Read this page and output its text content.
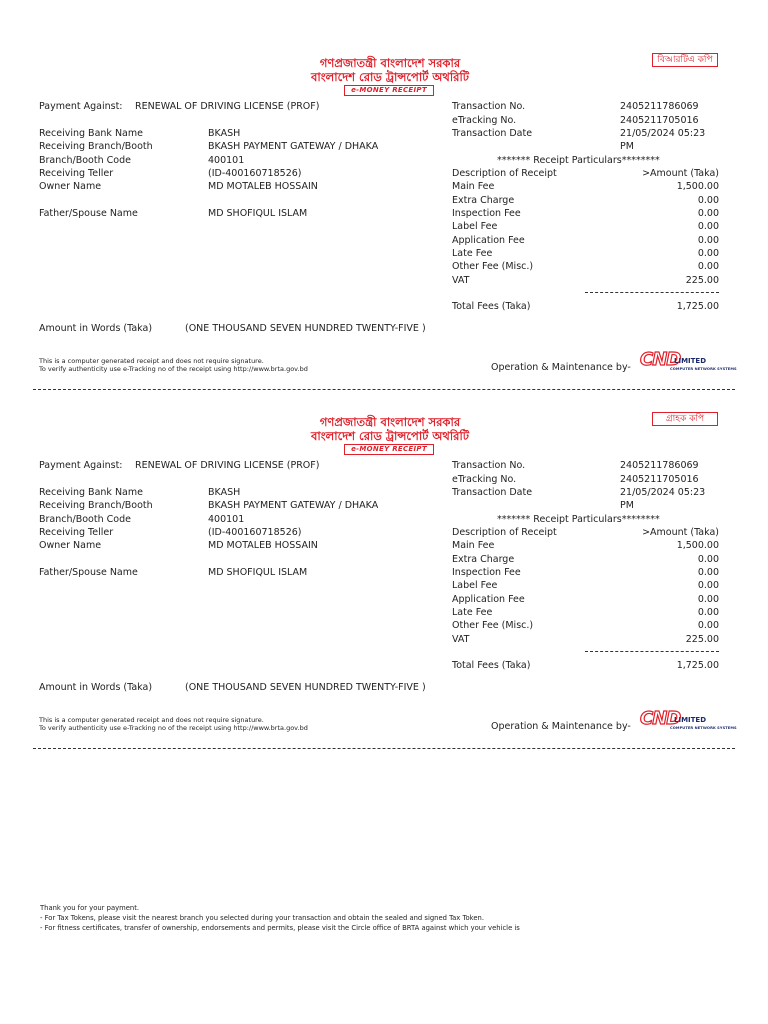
গণপ্রজাতন্ত্রী বাংলাদেশ সরকার
বাংলাদেশ রোড ট্রান্সপোর্ট অথরিটি
e-MONEY RECEIPT
বিআরটিএ কপি
Payment Against: RENEWAL OF DRIVING LICENSE (PROF)
Receiving Bank Name	BKASH
Receiving Branch/Booth	BKASH PAYMENT GATEWAY / DHAKA
Branch/Booth Code	400101
Receiving Teller	(ID-400160718526)
Owner Name	MD MOTALEB HOSSAIN
Father/Spouse Name	MD SHOFIQUL ISLAM
Transaction No.	2405211786069
eTracking No.	2405211705016
Transaction Date	21/05/2024 05:23
PM
******* Receipt Particulars********
Description of Receipt	>Amount (Taka)
Main Fee	1,500.00
Extra Charge	0.00
Inspection Fee	0.00
Label Fee	0.00
Application Fee	0.00
Late Fee	0.00
Other Fee (Misc.)	0.00
VAT	225.00
Total Fees (Taka)	1,725.00
Amount in Words (Taka)	(ONE THOUSAND SEVEN HUNDRED TWENTY-FIVE )
This is a computer generated receipt and does not require signature.
To verify authenticity use e-Tracking no of the receipt using http://www.brta.gov.bd	Operation & Maintenance by- CND
LIMITED
COMPUTER NETWORK SYSTEMS
গণপ্রজাতন্ত্রী বাংলাদেশ সরকার
বাংলাদেশ রোড ট্রান্সপোর্ট অথরিটি
e-MONEY RECEIPT
গ্রাহক কপি
Payment Against: RENEWAL OF DRIVING LICENSE (PROF)
Receiving Bank Name	BKASH
Receiving Branch/Booth	BKASH PAYMENT GATEWAY / DHAKA
Branch/Booth Code	400101
Receiving Teller	(ID-400160718526)
Owner Name	MD MOTALEB HOSSAIN
Father/Spouse Name	MD SHOFIQUL ISLAM
Transaction No.	2405211786069
eTracking No.	2405211705016
Transaction Date	21/05/2024 05:23
PM
******* Receipt Particulars********
Description of Receipt	>Amount (Taka)
Main Fee	1,500.00
Extra Charge	0.00
Inspection Fee	0.00
Label Fee	0.00
Application Fee	0.00
Late Fee	0.00
Other Fee (Misc.)	0.00
VAT	225.00
Total Fees (Taka)	1,725.00
Amount in Words (Taka)	(ONE THOUSAND SEVEN HUNDRED TWENTY-FIVE )
This is a computer generated receipt and does not require signature.
To verify authenticity use e-Tracking no of the receipt using http://www.brta.gov.bd	Operation & Maintenance by- CND
LIMITED
COMPUTER NETWORK SYSTEMS
Thank you for your payment.
- For Tax Tokens, please visit the nearest branch you selected during your transaction and obtain the sealed and signed Tax Token.
- For fitness certificates, transfer of ownership, endorsements and permits, please visit the Circle office of BRTA against which your vehicle is
